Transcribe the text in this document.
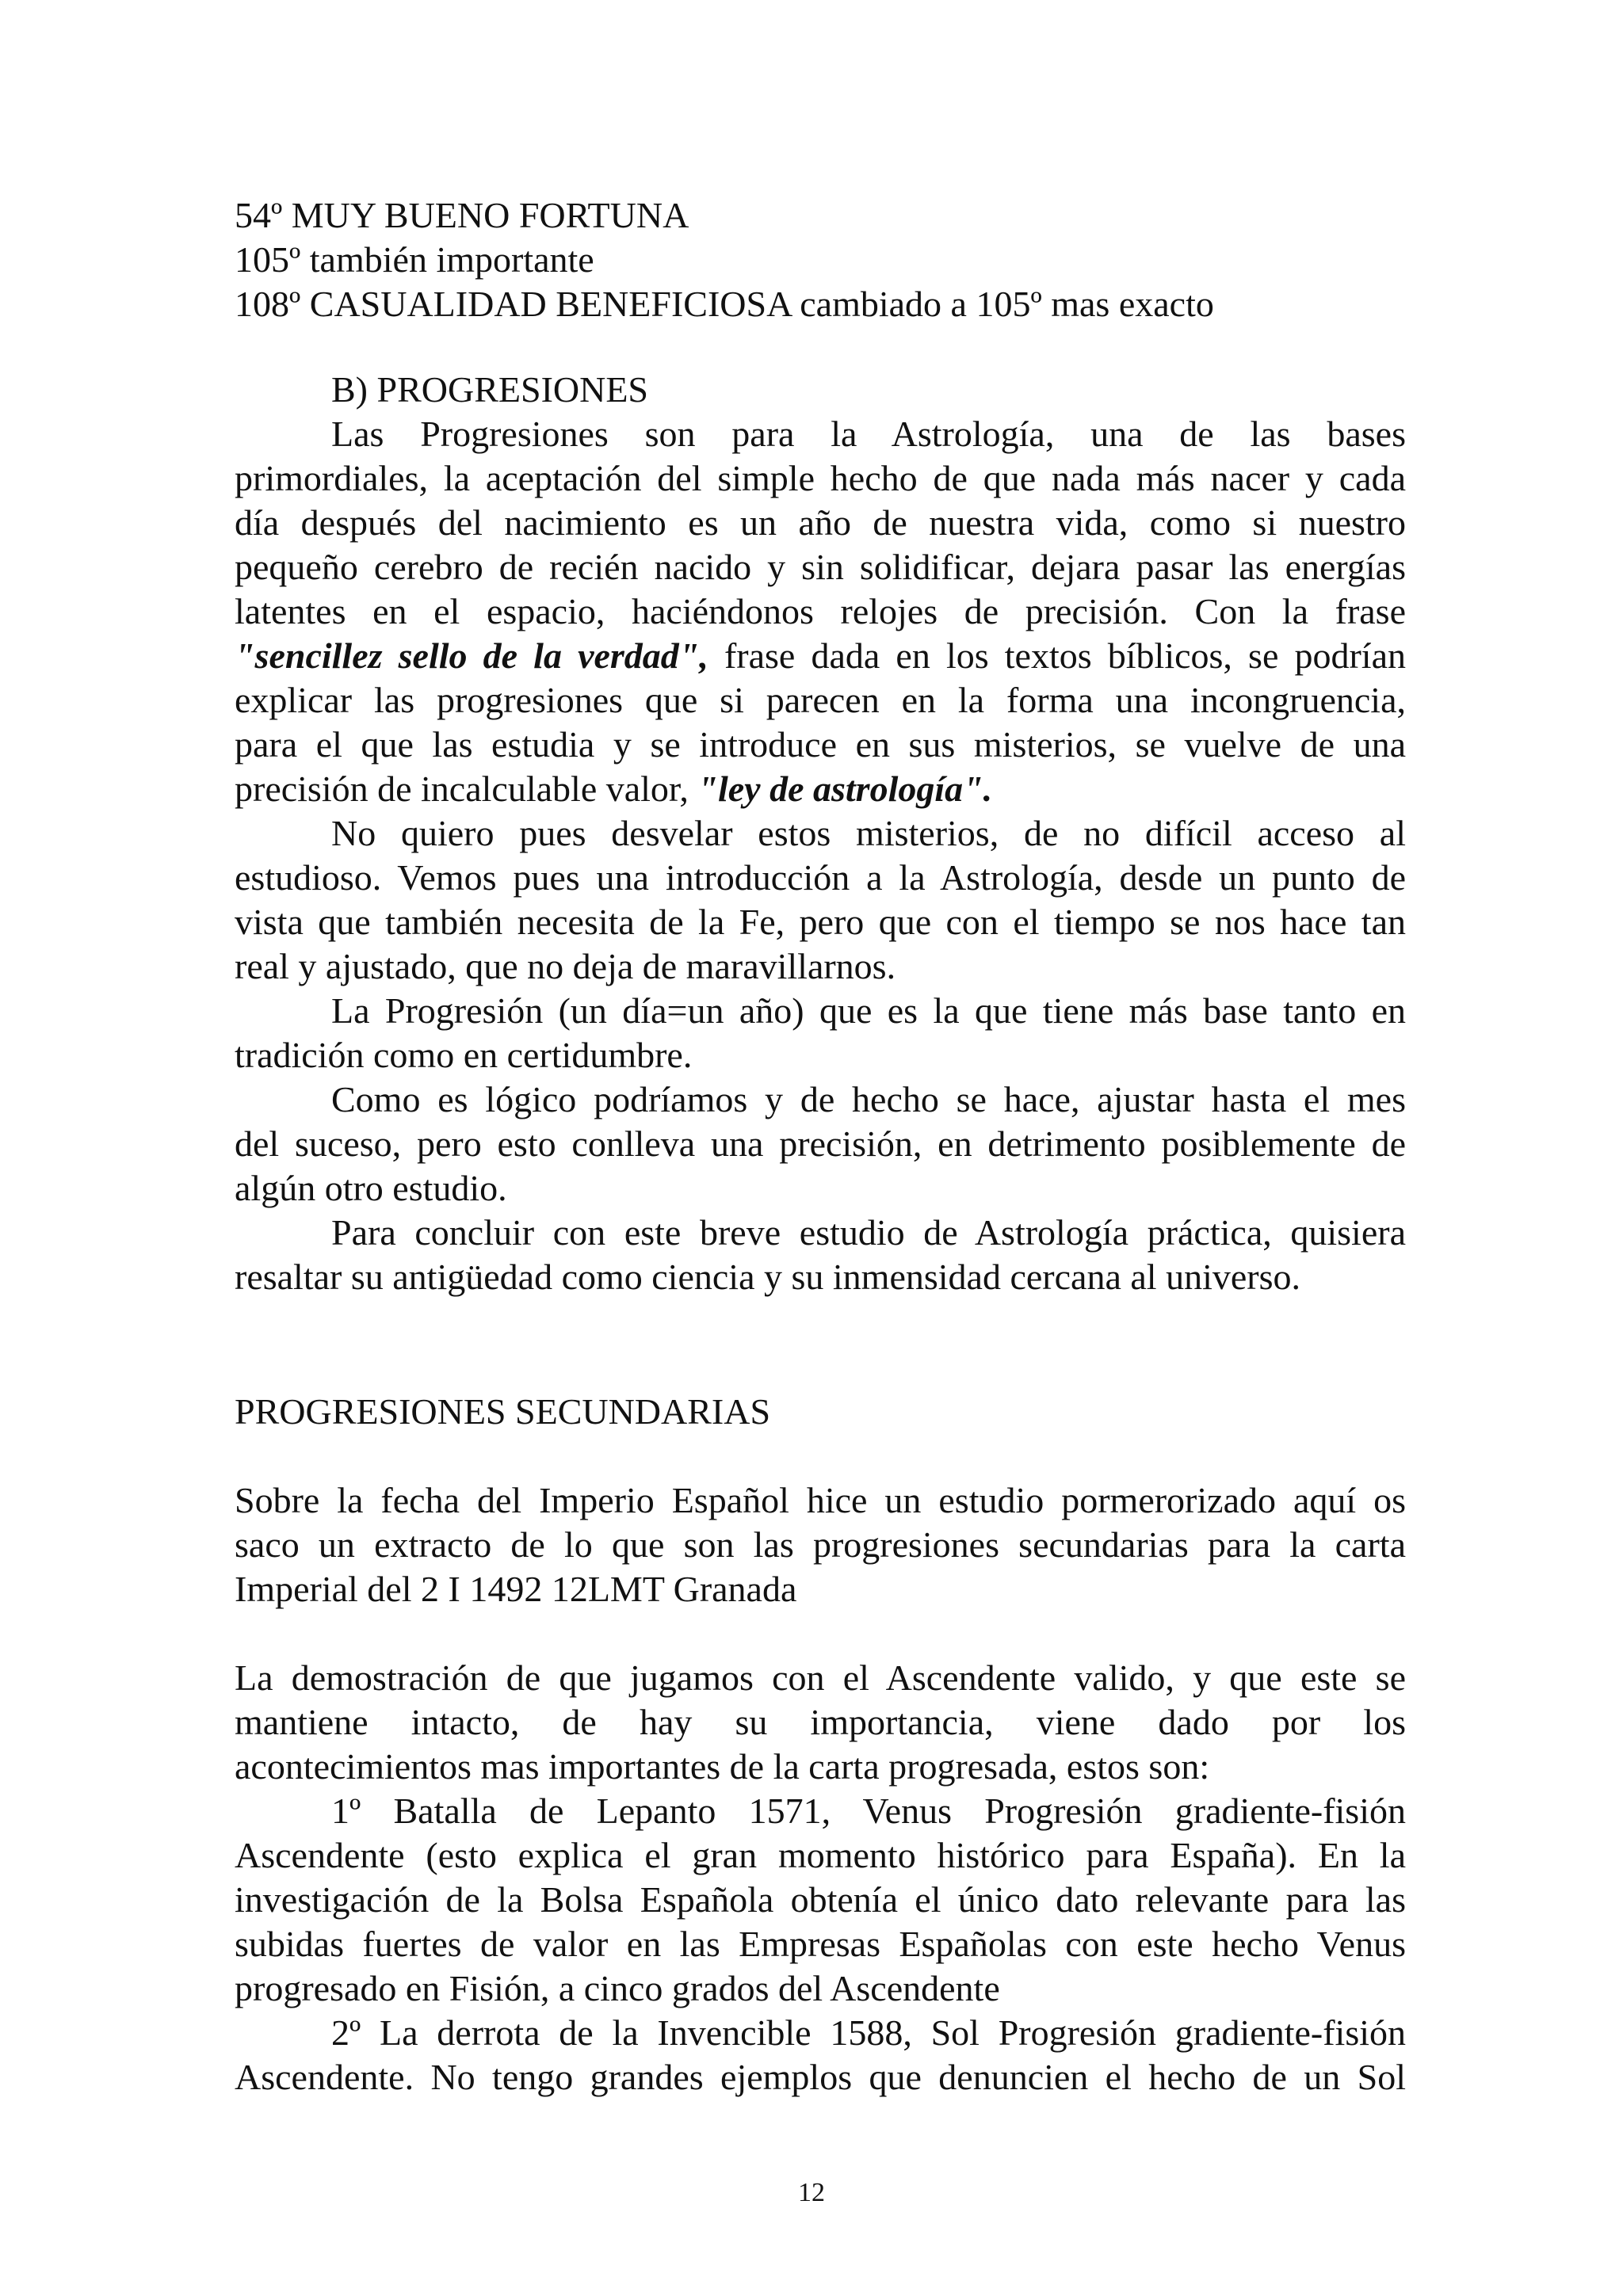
54º MUY BUENO FORTUNA
105º también importante
108º CASUALIDAD BENEFICIOSA cambiado a 105º mas exacto
B) PROGRESIONES
Las Progresiones son para la Astrología, una de las bases
primordiales, la aceptación del simple hecho de que nada más nacer y cada
día después del nacimiento es un año de nuestra vida, como si nuestro
pequeño cerebro de recién nacido y sin solidificar, dejara pasar las energías
latentes en el espacio, haciéndonos relojes de precisión. Con la frase
"sencillez sello de la verdad", frase dada en los textos bíblicos, se podrían
explicar las progresiones que si parecen en la forma una incongruencia,
para el que las estudia y se introduce en sus misterios, se vuelve de una
precisión de incalculable valor, "ley de astrología".
No quiero pues desvelar estos misterios, de no difícil acceso al
estudioso. Vemos pues una introducción a la Astrología, desde un punto de
vista que también necesita de la Fe, pero que con el tiempo se nos hace tan
real y ajustado, que no deja de maravillarnos.
La Progresión (un día=un año) que es la que tiene más base tanto en
tradición como en certidumbre.
Como es lógico podríamos y de hecho se hace, ajustar hasta el mes
del suceso, pero esto conlleva una precisión, en detrimento posiblemente de
algún otro estudio.
Para concluir con este breve estudio de Astrología práctica, quisiera
resaltar su antigüedad como ciencia y su inmensidad cercana al universo.
PROGRESIONES SECUNDARIAS
Sobre la fecha del Imperio Español hice un estudio pormerorizado aquí os
saco un extracto de lo que son las progresiones secundarias para la carta
Imperial del 2 I 1492 12LMT Granada
La demostración de que jugamos con el Ascendente valido, y que este se
mantiene intacto, de hay su importancia, viene dado por los
acontecimientos mas importantes de la carta progresada, estos son:
1º Batalla de Lepanto 1571, Venus Progresión gradiente-fisión
Ascendente (esto explica el gran momento histórico para España). En la
investigación de la Bolsa Española obtenía el único dato relevante para las
subidas fuertes de valor en las Empresas Españolas con este hecho Venus
progresado en Fisión, a cinco grados del Ascendente
2º La derrota de la Invencible 1588, Sol Progresión gradiente-fisión
Ascendente. No tengo grandes ejemplos que denuncien el hecho de un Sol
12
